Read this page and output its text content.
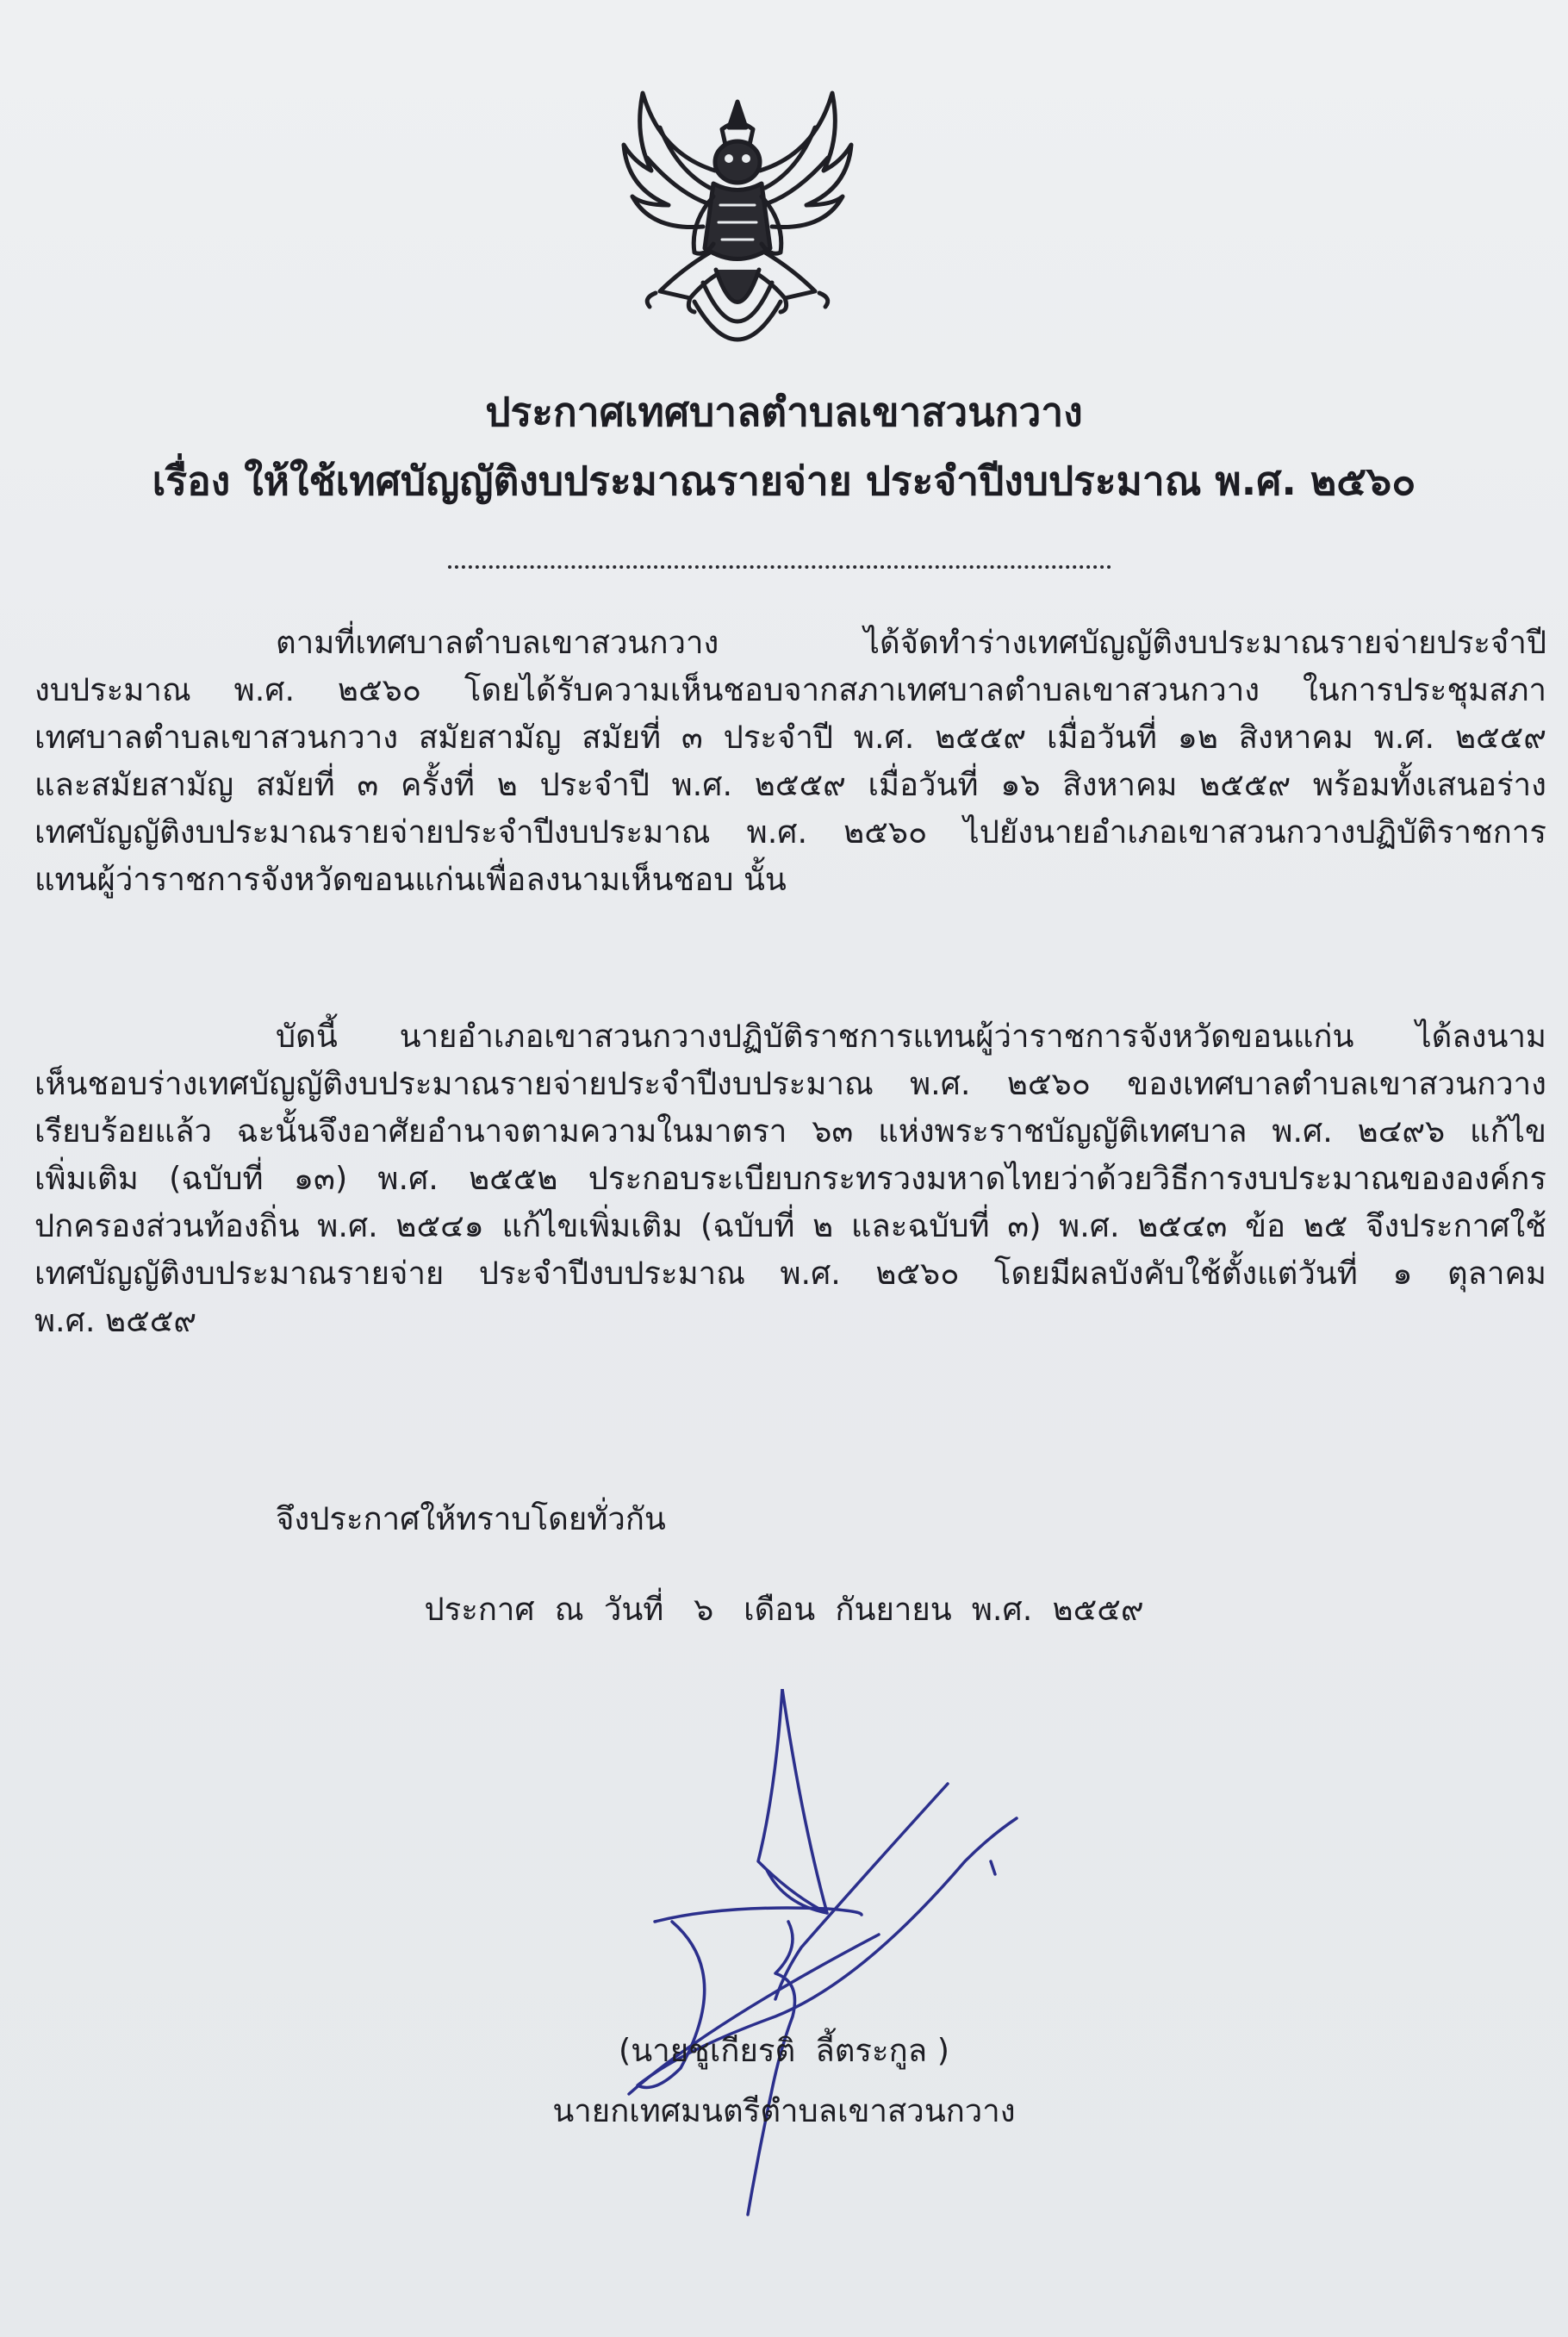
ประกาศเทศบาลตำบลเขาสวนกวาง
เรื่อง ให้ใช้เทศบัญญัติงบประมาณรายจ่าย ประจำปีงบประมาณ พ.ศ. ๒๕๖๐
ตามที่เทศบาลตำบลเขาสวนกวาง ได้จัดทำร่างเทศบัญญัติงบประมาณรายจ่ายประจำปี
งบประมาณ พ.ศ. ๒๕๖๐ โดยได้รับความเห็นชอบจากสภาเทศบาลตำบลเขาสวนกวาง ในการประชุมสภา
เทศบาลตำบลเขาสวนกวาง สมัยสามัญ สมัยที่ ๓ ประจำปี พ.ศ. ๒๕๕๙ เมื่อวันที่ ๑๒ สิงหาคม พ.ศ. ๒๕๕๙
และสมัยสามัญ สมัยที่ ๓ ครั้งที่ ๒ ประจำปี พ.ศ. ๒๕๕๙ เมื่อวันที่ ๑๖ สิงหาคม ๒๕๕๙ พร้อมทั้งเสนอร่าง
เทศบัญญัติงบประมาณรายจ่ายประจำปีงบประมาณ พ.ศ. ๒๕๖๐ ไปยังนายอำเภอเขาสวนกวางปฏิบัติราชการ
แทนผู้ว่าราชการจังหวัดขอนแก่นเพื่อลงนามเห็นชอบ นั้น
บัดนี้ นายอำเภอเขาสวนกวางปฏิบัติราชการแทนผู้ว่าราชการจังหวัดขอนแก่น ได้ลงนาม
เห็นชอบร่างเทศบัญญัติงบประมาณรายจ่ายประจำปีงบประมาณ พ.ศ. ๒๕๖๐ ของเทศบาลตำบลเขาสวนกวาง
เรียบร้อยแล้ว ฉะนั้นจึงอาศัยอำนาจตามความในมาตรา ๖๓ แห่งพระราชบัญญัติเทศบาล พ.ศ. ๒๔๙๖ แก้ไข
เพิ่มเติม (ฉบับที่ ๑๓) พ.ศ. ๒๕๕๒ ประกอบระเบียบกระทรวงมหาดไทยว่าด้วยวิธีการงบประมาณขององค์กร
ปกครองส่วนท้องถิ่น พ.ศ. ๒๕๔๑ แก้ไขเพิ่มเติม (ฉบับที่ ๒ และฉบับที่ ๓) พ.ศ. ๒๕๔๓ ข้อ ๒๕ จึงประกาศใช้
เทศบัญญัติงบประมาณรายจ่าย ประจำปีงบประมาณ พ.ศ. ๒๕๖๐ โดยมีผลบังคับใช้ตั้งแต่วันที่ ๑ ตุลาคม
พ.ศ. ๒๕๕๙
จึงประกาศให้ทราบโดยทั่วกัน
ประกาศ  ณ  วันที่   ๖   เดือน  กันยายน  พ.ศ.  ๒๕๕๙
(นายชูเกียรติ  ลี้ตระกูล )
นายกเทศมนตรีตำบลเขาสวนกวาง
